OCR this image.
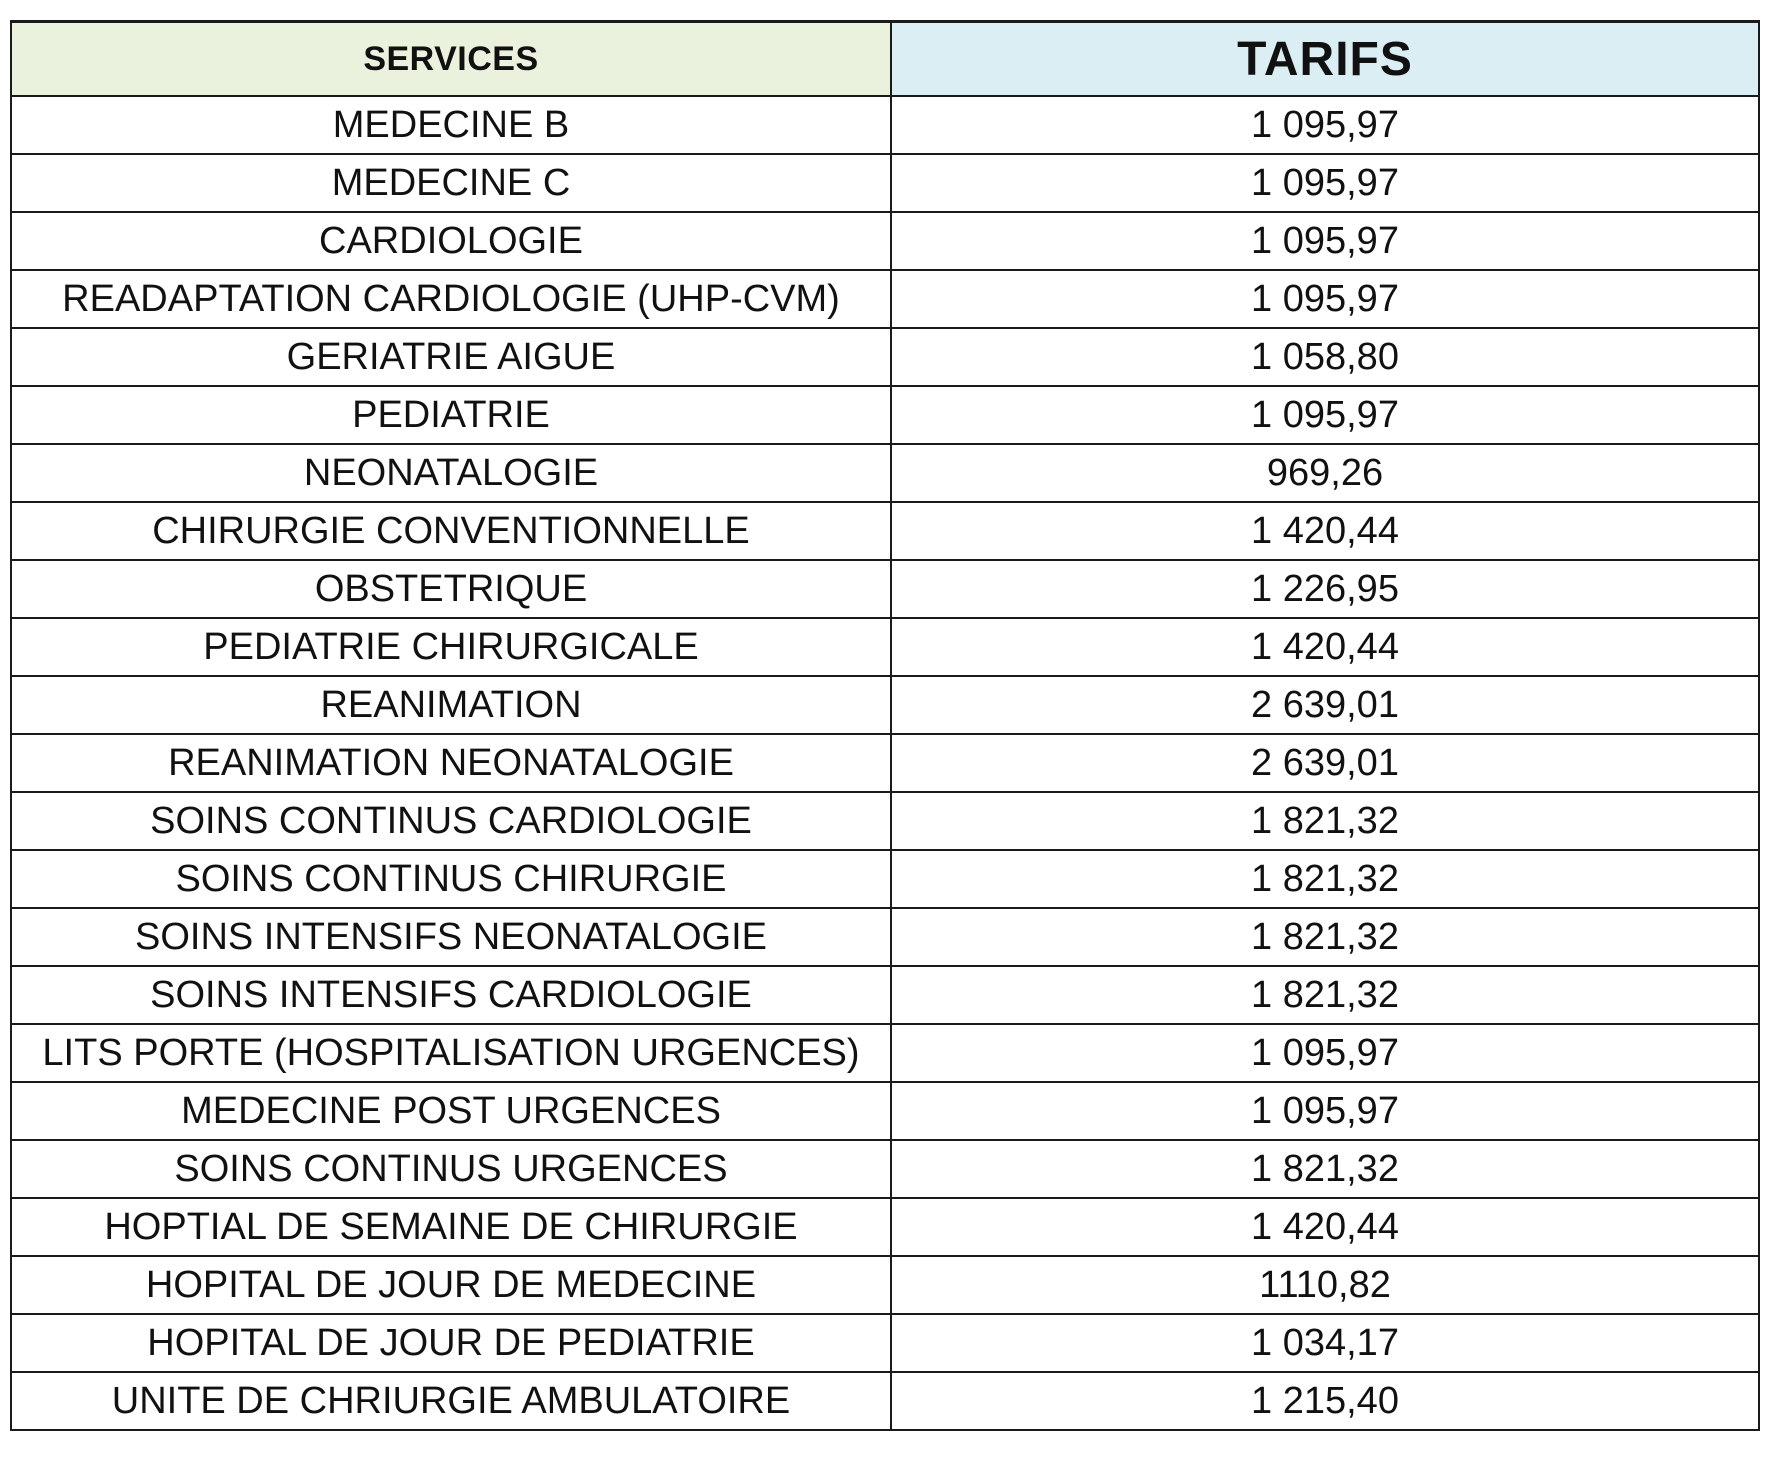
SERVICES	TARIFS
MEDECINE B	1 095,97
MEDECINE C	1 095,97
CARDIOLOGIE	1 095,97
READAPTATION CARDIOLOGIE (UHP-CVM)	1 095,97
GERIATRIE AIGUE	1 058,80
PEDIATRIE	1 095,97
NEONATALOGIE	969,26
CHIRURGIE CONVENTIONNELLE	1 420,44
OBSTETRIQUE	1 226,95
PEDIATRIE CHIRURGICALE	1 420,44
REANIMATION	2 639,01
REANIMATION NEONATALOGIE	2 639,01
SOINS CONTINUS CARDIOLOGIE	1 821,32
SOINS CONTINUS CHIRURGIE	1 821,32
SOINS INTENSIFS NEONATALOGIE	1 821,32
SOINS INTENSIFS CARDIOLOGIE	1 821,32
LITS PORTE (HOSPITALISATION URGENCES)	1 095,97
MEDECINE POST URGENCES	1 095,97
SOINS CONTINUS URGENCES	1 821,32
HOPTIAL DE SEMAINE DE CHIRURGIE	1 420,44
HOPITAL DE JOUR DE MEDECINE	1110,82
HOPITAL DE JOUR DE PEDIATRIE	1 034,17
UNITE DE CHRIURGIE AMBULATOIRE	1 215,40
